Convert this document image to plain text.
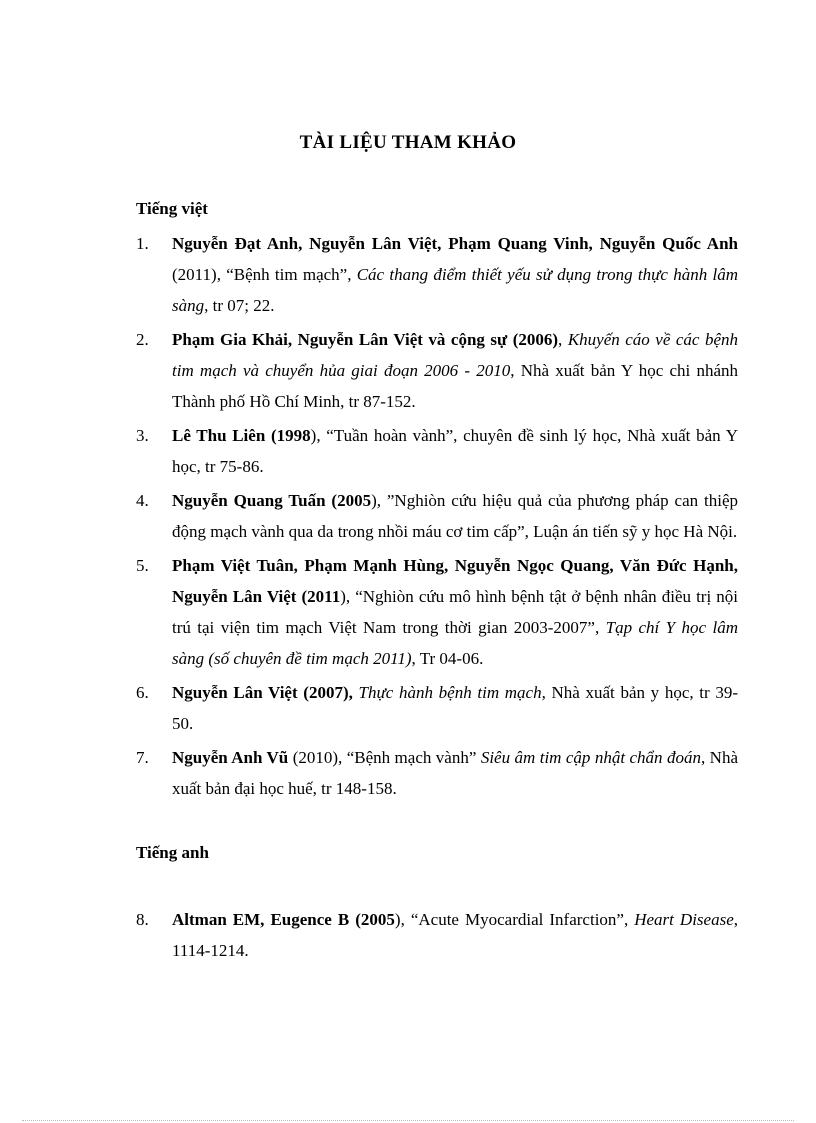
TÀI LIỆU THAM KHẢO
Tiếng việt
1. Nguyễn Đạt Anh, Nguyễn Lân Việt, Phạm Quang Vinh, Nguyễn Quốc Anh (2011), “Bệnh tim mạch”, Các thang điểm thiết yếu sử dụng trong thực hành lâm sàng, tr 07; 22.
2. Phạm Gia Khải, Nguyễn Lân Việt và cộng sự (2006), Khuyến cáo về các bệnh tim mạch và chuyển hủa giai đoạn 2006 - 2010, Nhà xuất bản Y học chi nhánh Thành phố Hồ Chí Minh, tr 87-152.
3. Lê Thu Liên (1998), “Tuần hoàn vành”, chuyên đề sinh lý học, Nhà xuất bản Y học, tr 75-86.
4. Nguyễn Quang Tuấn (2005), ”Nghiòn cứu hiệu quả của phương pháp can thiệp động mạch vành qua da trong nhồi máu cơ tim cấp”, Luận án tiến sỹ y học Hà Nội.
5. Phạm Việt Tuân, Phạm Mạnh Hùng, Nguyễn Ngọc Quang, Văn Đức Hạnh, Nguyễn Lân Việt (2011), “Nghiòn cứu mô hình bệnh tật ở bệnh nhân điều trị nội trú tại viện tim mạch Việt Nam trong thời gian 2003-2007”, Tạp chí Y học lâm sàng (số chuyên đề tim mạch 2011), Tr 04-06.
6. Nguyễn Lân Việt (2007), Thực hành bệnh tim mạch, Nhà xuất bản y học, tr 39- 50.
7. Nguyễn Anh Vũ (2010), “Bệnh mạch vành” Siêu âm tim cập nhật chẩn đoán, Nhà xuất bản đại học huế, tr 148-158.
Tiếng anh
8. Altman EM, Eugence B (2005), “Acute Myocardial Infarction”, Heart Disease, 1114-1214.
